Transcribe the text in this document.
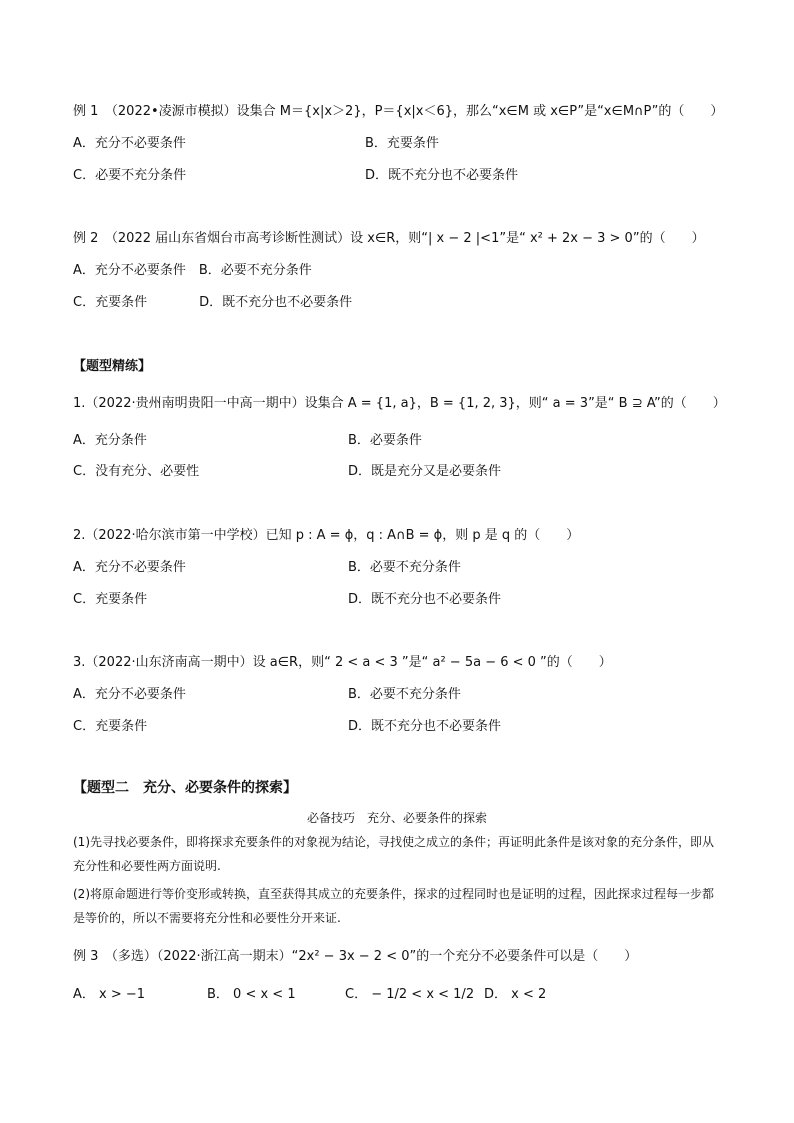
例 1　（2022•凌源市模拟）设集合 M＝{x|x＞2}，P＝{x|x＜6}，那么“x∈M 或 x∈P”是“x∈M∩P”的（　　）
A．充分不必要条件	B．充要条件
C．必要不充分条件	D．既不充分也不必要条件
例 2　（2022 届山东省烟台市高考诊断性测试）设 x∈R，则“| x − 2 |<1”是“ x² + 2x − 3 > 0”的（　　）
A．充分不必要条件　B．必要不充分条件
C．充要条件　　　　D．既不充分也不必要条件
【题型精练】
1.（2022·贵州南明贵阳一中高一期中）设集合 A = {1, a}，B = {1, 2, 3}，则“ a = 3”是“ B ⊇ A”的（　　）
A．充分条件	B．必要条件
C．没有充分、必要性	D．既是充分又是必要条件
2.（2022·哈尔滨市第一中学校）已知 p : A = ϕ，q : A∩B = ϕ，则 p 是 q 的（　　）
A．充分不必要条件	B．必要不充分条件
C．充要条件	D．既不充分也不必要条件
3.（2022·山东济南高一期中）设 a∈R，则“ 2 < a < 3 ”是“ a² − 5a − 6 < 0 ”的（　　）
A．充分不必要条件	B．必要不充分条件
C．充要条件	D．既不充分也不必要条件
【题型二　充分、必要条件的探索】
必备技巧　充分、必要条件的探索
(1)先寻找必要条件，即将探求充要条件的对象视为结论，寻找使之成立的条件；再证明此条件是该对象的充分条件，即从充分性和必要性两方面说明.
(2)将原命题进行等价变形或转换，直至获得其成立的充要条件，探求的过程同时也是证明的过程，因此探求过程每一步都是等价的，所以不需要将充分性和必要性分开来证.
例 3　（多选）（2022·浙江高一期末）“2x² − 3x − 2 < 0”的一个充分不必要条件可以是（　　）
A． x > −1	B． 0 < x < 1	C． − 1/2 < x < 1/2 D． x < 2
